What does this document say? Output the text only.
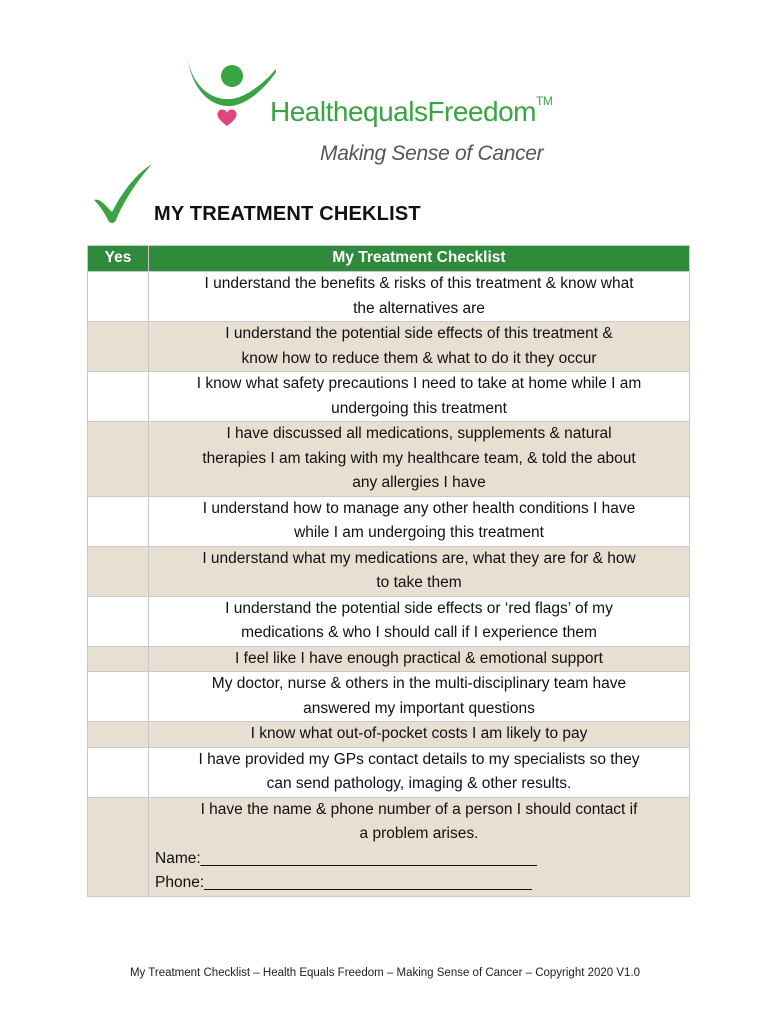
HealthequalsFreedom™
Making Sense of Cancer
MY TREATMENT CHEKLIST
Yes	My Treatment Checklist

	I understand the benefits & risks of this treatment & know what
the alternatives are

	I understand the potential side effects of this treatment &
know how to reduce them & what to do it they occur

	I know what safety precautions I need to take at home while I am
undergoing this treatment

	I have discussed all medications, supplements & natural
therapies I am taking with my healthcare team, & told the about
any allergies I have

	I understand how to manage any other health conditions I have
while I am undergoing this treatment

	I understand what my medications are, what they are for & how
to take them

	I understand the potential side effects or ‘red flags’ of my
medications & who I should call if I experience them

	I feel like I have enough practical & emotional support

	My doctor, nurse & others in the multi-disciplinary team have
answered my important questions

	I know what out-of-pocket costs I am likely to pay

	I have provided my GPs contact details to my specialists so they
can send pathology, imaging & other results.

	I have the name & phone number of a person I should contact if
a problem arises.
Name:_______________________________________
Phone:______________________________________
My Treatment Checklist – Health Equals Freedom – Making Sense of Cancer – Copyright 2020 V1.0
